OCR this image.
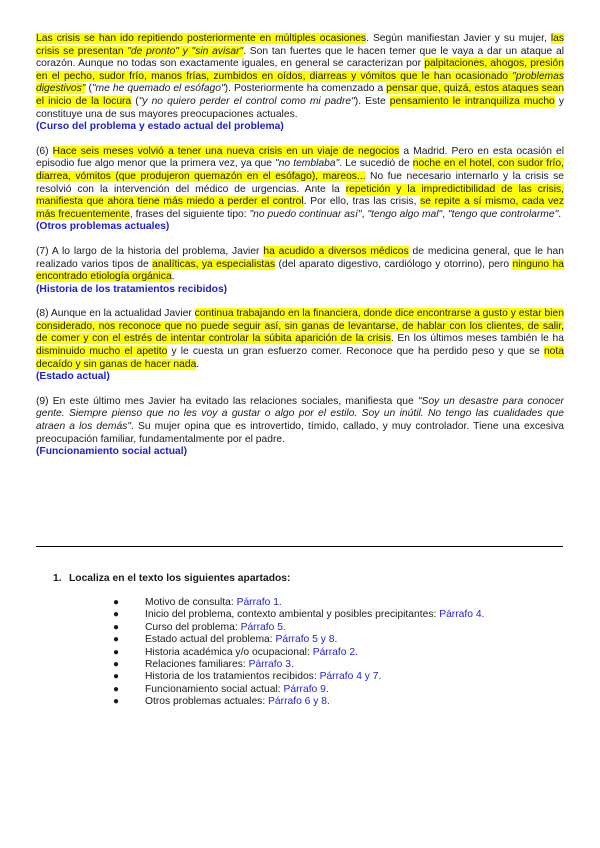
Las crisis se han ido repitiendo posteriormente en múltiples ocasiones. Según manifiestan Javier y su mujer, las crisis se presentan "de pronto" y "sin avisar". Son tan fuertes que le hacen temer que le vaya a dar un ataque al corazón. Aunque no todas son exactamente iguales, en general se caracterizan por palpitaciones, ahogos, presión en el pecho, sudor frío, manos frías, zumbidos en oídos, diarreas y vómitos que le han ocasionado "problemas digestivos" ("me he quemado el esófago"). Posteriormente ha comenzado a pensar que, quizá, estos ataques sean el inicio de la locura ("y no quiero perder el control como mi padre"). Este pensamiento le intranquiliza mucho y constituye una de sus mayores preocupaciones actuales.
(Curso del problema y estado actual del problema)

(6) Hace seis meses volvió a tener una nueva crisis en un viaje de negocios a Madrid. Pero en esta ocasión el episodio fue algo menor que la primera vez, ya que "no temblaba". Le sucedió de noche en el hotel, con sudor frío, diarrea, vómitos (que produjeron quemazón en el esófago), mareos... No fue necesario internarlo y la crisis se resolvió con la intervención del médico de urgencias. Ante la repetición y la impredictibilidad de las crisis, manifiesta que ahora tiene más miedo a perder el control. Por ello, tras las crisis, se repite a sí mismo, cada vez más frecuentemente, frases del siguiente tipo: "no puedo continuar así", "tengo algo mal", "tengo que controlarme".
(Otros problemas actuales)

(7) A lo largo de la historia del problema, Javier ha acudido a diversos médicos de medicina general, que le han realizado varios tipos de analíticas, ya especialistas (del aparato digestivo, cardiólogo y otorrino), pero ninguno ha encontrado etiología orgánica.
(Historia de los tratamientos recibidos)

(8) Aunque en la actualidad Javier continua trabajando en la financiera, donde dice encontrarse a gusto y estar bien considerado, nos reconoce que no puede seguir así, sin ganas de levantarse, de hablar con los clientes, de salir, de comer y con el estrés de intentar controlar la súbita aparición de la crisis. En los últimos meses también le ha disminuido mucho el apetito y le cuesta un gran esfuerzo comer. Reconoce que ha perdido peso y que se nota decaído y sin ganas de hacer nada.
(Estado actual)

(9) En este último mes Javier ha evitado las relaciones sociales, manifiesta que "Soy un desastre para conocer gente. Siempre pienso que no les voy a gustar o algo por el estilo. Soy un inútil. No tengo las cualidades que atraen a los demás". Su mujer opina que es introvertido, tímido, callado, y muy controlador. Tiene una excesiva preocupación familiar, fundamentalmente por el padre.
(Funcionamiento social actual)

1. Localiza en el texto los siguientes apartados:

●	Motivo de consulta: Párrafo 1.
●	Inicio del problema, contexto ambiental y posibles precipitantes: Párrafo 4.
●	Curso del problema: Párrafo 5.
●	Estado actual del problema: Párrafo 5 y 8.
●	Historia académica y/o ocupacional: Párrafo 2.
●	Relaciones familiares: Párrafo 3.
●	Historia de los tratamientos recibidos: Párrafo 4 y 7.
●	Funcionamiento social actual: Párrafo 9.
●	Otros problemas actuales: Párrafo 6 y 8.
